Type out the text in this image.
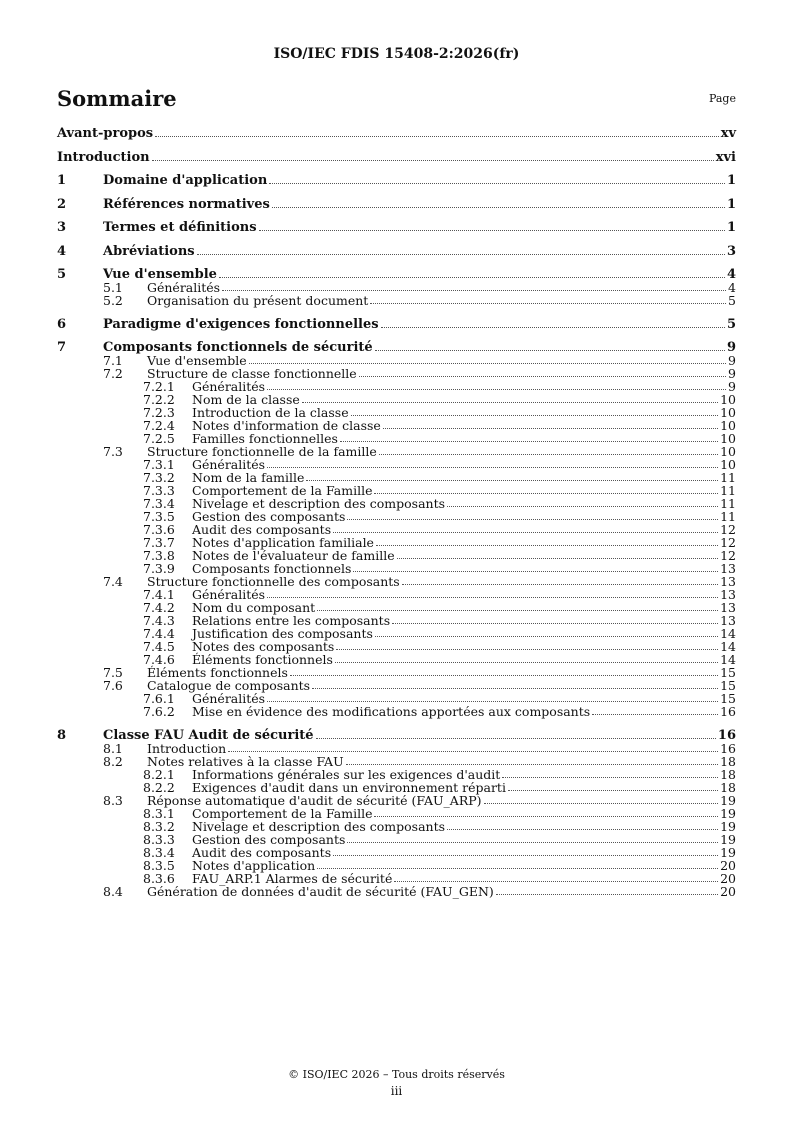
ISO/IEC FDIS 15408-2:2026(fr)
Sommaire	Page
Avant-propos	xv
Introduction	xvi
1	Domaine d'application	1
2	Références normatives	1
3	Termes et définitions	1
4	Abréviations	3
5	Vue d'ensemble	4
5.1	Généralités	4
5.2	Organisation du présent document	5
6	Paradigme d'exigences fonctionnelles	5
7	Composants fonctionnels de sécurité	9
7.1	Vue d'ensemble	9
7.2	Structure de classe fonctionnelle	9
7.2.1	Généralités	9
7.2.2	Nom de la classe	10
7.2.3	Introduction de la classe	10
7.2.4	Notes d'information de classe	10
7.2.5	Familles fonctionnelles	10
7.3	Structure fonctionnelle de la famille	10
7.3.1	Généralités	10
7.3.2	Nom de la famille	11
7.3.3	Comportement de la Famille	11
7.3.4	Nivelage et description des composants	11
7.3.5	Gestion des composants	11
7.3.6	Audit des composants	12
7.3.7	Notes d'application familiale	12
7.3.8	Notes de l'évaluateur de famille	12
7.3.9	Composants fonctionnels	13
7.4	Structure fonctionnelle des composants	13
7.4.1	Généralités	13
7.4.2	Nom du composant	13
7.4.3	Relations entre les composants	13
7.4.4	Justification des composants	14
7.4.5	Notes des composants	14
7.4.6	Éléments fonctionnels	14
7.5	Éléments fonctionnels	15
7.6	Catalogue de composants	15
7.6.1	Généralités	15
7.6.2	Mise en évidence des modifications apportées aux composants	16
8	Classe FAU Audit de sécurité	16
8.1	Introduction	16
8.2	Notes relatives à la classe FAU	18
8.2.1	Informations générales sur les exigences d'audit	18
8.2.2	Exigences d'audit dans un environnement réparti	18
8.3	Réponse automatique d'audit de sécurité (FAU_ARP)	19
8.3.1	Comportement de la Famille	19
8.3.2	Nivelage et description des composants	19
8.3.3	Gestion des composants	19
8.3.4	Audit des composants	19
8.3.5	Notes d'application	20
8.3.6	FAU_ARP.1 Alarmes de sécurité	20
8.4	Génération de données d'audit de sécurité (FAU_GEN)	20
© ISO/IEC 2026 – Tous droits réservés
iii
